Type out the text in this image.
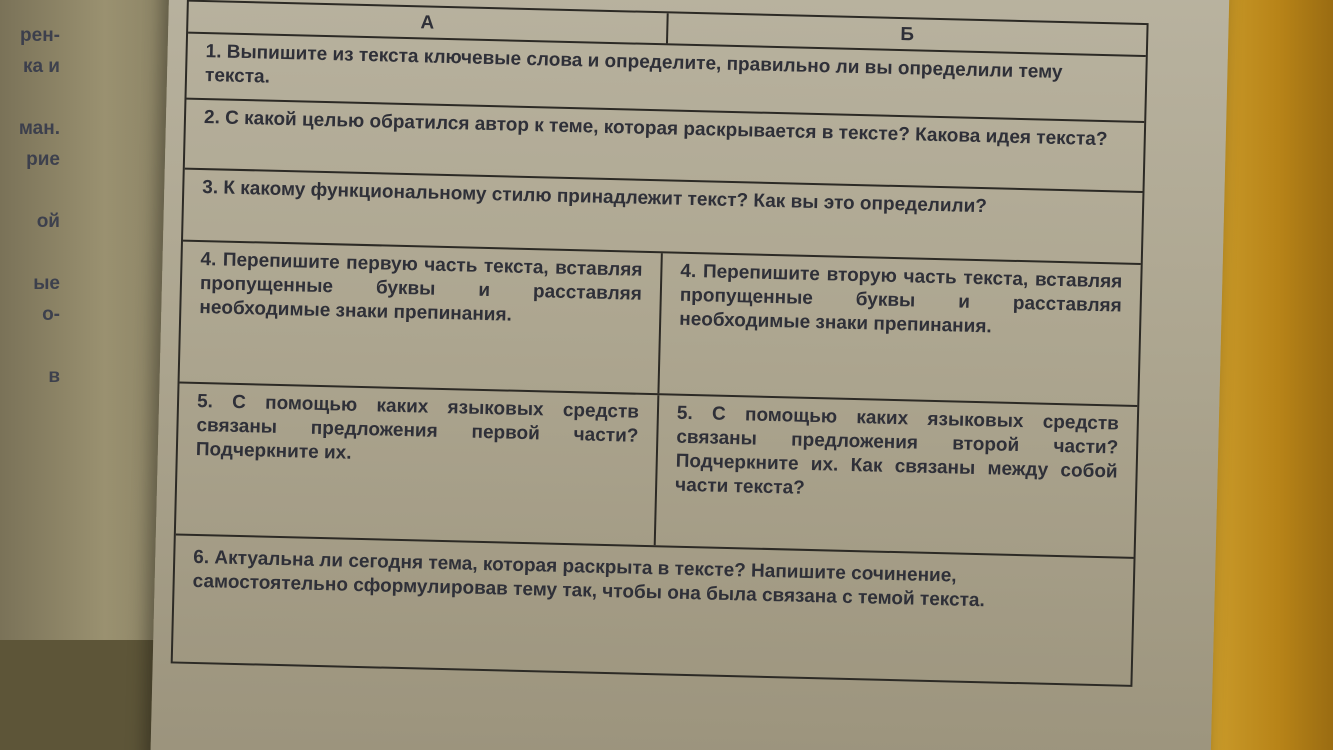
рен-
ка и

ман.
рие

ой

ые
о-

в
А
Б
1. Выпишите из текста ключевые слова и определите, правильно ли вы определили тему текста.
2. С какой целью обратился автор к теме, которая раскрывается в тексте? Какова идея текста?
3. К какому функциональному стилю принадлежит текст? Как вы это определили?
4. Перепишите первую часть текста, вставляя пропущенные буквы и расставляя необходимые знаки препинания.
4. Перепишите вторую часть текста, вставляя пропущенные буквы и расставляя необходимые знаки препинания.
5. С помощью каких языковых средств связаны предложения первой части? Подчеркните их.
5. С помощью каких языковых средств связаны предложения второй части? Подчеркните их. Как связаны между собой части текста?
6. Актуальна ли сегодня тема, которая раскрыта в тексте? Напишите сочинение, самостоятельно сформулировав тему так, чтобы она была связана с темой текста.
